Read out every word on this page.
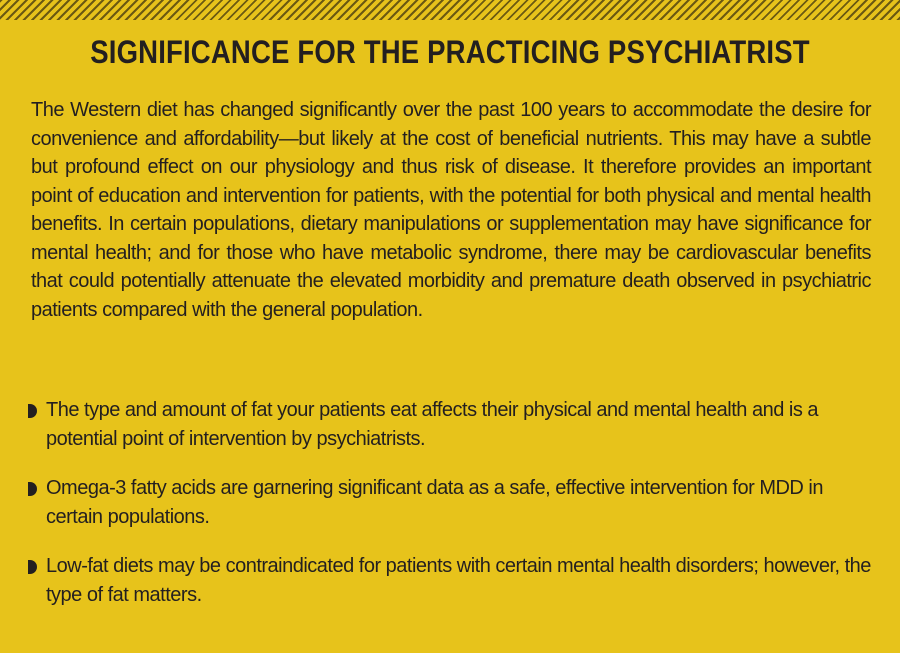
SIGNIFICANCE FOR THE PRACTICING PSYCHIATRIST

The Western diet has changed significantly over the past 100 years to accommodate the desire for convenience and affordability—but likely at the cost of beneficial nutrients. This may have a subtle but profound effect on our physiology and thus risk of disease. It therefore provides an important point of education and intervention for patients, with the potential for both physical and mental health benefits. In certain populations, dietary manipulations or supplementation may have significance for mental health; and for those who have metabolic syndrome, there may be cardiovascular benefits that could potentially attenuate the elevated morbidity and premature death observed in psychiatric patients compared with the general population.

The type and amount of fat your patients eat affects their physical and mental health and is a potential point of intervention by psychiatrists.
Omega-3 fatty acids are garnering significant data as a safe, effective intervention for MDD in certain populations.
Low-fat diets may be contraindicated for patients with certain mental health disorders; however, the type of fat matters.
